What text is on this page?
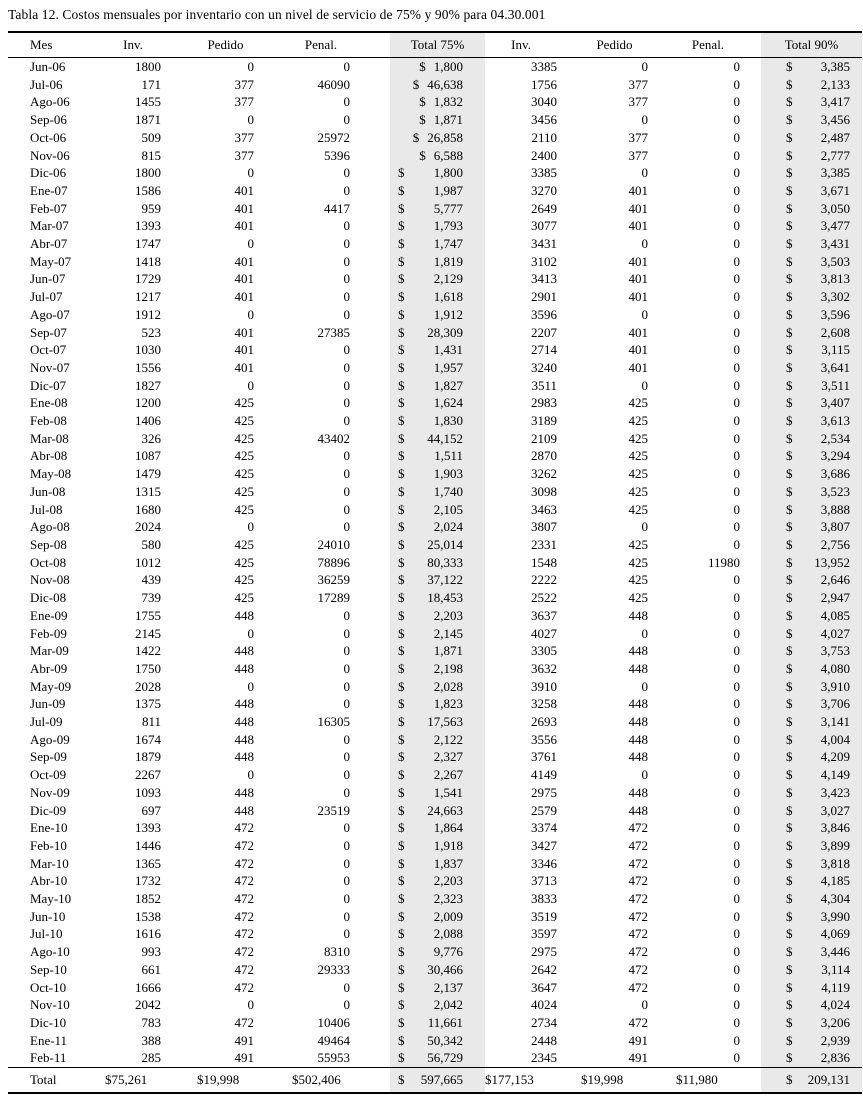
Tabla 12. Costos mensuales por inventario con un nivel de servicio de 75% y 90% para 04.30.001

Mes	Inv.	Pedido	Penal.	Total 75%	Inv.	Pedido	Penal.	Total 90%
Jun-06	1800	0	0	$ 1,800	3385	0	0	$ 3,385

Jul-06	171	377	46090	$ 46,638	1756	377	0	$ 2,133

Ago-06	1455	377	0	$ 1,832	3040	377	0	$ 3,417

Sep-06	1871	0	0	$ 1,871	3456	0	0	$ 3,456

Oct-06	509	377	25972	$ 26,858	2110	377	0	$ 2,487

Nov-06	815	377	5396	$ 6,588	2400	377	0	$ 2,777

Dic-06	1800	0	0	$ 1,800	3385	0	0	$ 3,385

Ene-07	1586	401	0	$ 1,987	3270	401	0	$ 3,671

Feb-07	959	401	4417	$ 5,777	2649	401	0	$ 3,050

Mar-07	1393	401	0	$ 1,793	3077	401	0	$ 3,477

Abr-07	1747	0	0	$ 1,747	3431	0	0	$ 3,431

May-07	1418	401	0	$ 1,819	3102	401	0	$ 3,503

Jun-07	1729	401	0	$ 2,129	3413	401	0	$ 3,813

Jul-07	1217	401	0	$ 1,618	2901	401	0	$ 3,302

Ago-07	1912	0	0	$ 1,912	3596	0	0	$ 3,596

Sep-07	523	401	27385	$ 28,309	2207	401	0	$ 2,608

Oct-07	1030	401	0	$ 1,431	2714	401	0	$ 3,115

Nov-07	1556	401	0	$ 1,957	3240	401	0	$ 3,641

Dic-07	1827	0	0	$ 1,827	3511	0	0	$ 3,511

Ene-08	1200	425	0	$ 1,624	2983	425	0	$ 3,407

Feb-08	1406	425	0	$ 1,830	3189	425	0	$ 3,613

Mar-08	326	425	43402	$ 44,152	2109	425	0	$ 2,534

Abr-08	1087	425	0	$ 1,511	2870	425	0	$ 3,294

May-08	1479	425	0	$ 1,903	3262	425	0	$ 3,686

Jun-08	1315	425	0	$ 1,740	3098	425	0	$ 3,523

Jul-08	1680	425	0	$ 2,105	3463	425	0	$ 3,888

Ago-08	2024	0	0	$ 2,024	3807	0	0	$ 3,807

Sep-08	580	425	24010	$ 25,014	2331	425	0	$ 2,756

Oct-08	1012	425	78896	$ 80,333	1548	425	11980	$ 13,952

Nov-08	439	425	36259	$ 37,122	2222	425	0	$ 2,646

Dic-08	739	425	17289	$ 18,453	2522	425	0	$ 2,947

Ene-09	1755	448	0	$ 2,203	3637	448	0	$ 4,085

Feb-09	2145	0	0	$ 2,145	4027	0	0	$ 4,027

Mar-09	1422	448	0	$ 1,871	3305	448	0	$ 3,753

Abr-09	1750	448	0	$ 2,198	3632	448	0	$ 4,080

May-09	2028	0	0	$ 2,028	3910	0	0	$ 3,910

Jun-09	1375	448	0	$ 1,823	3258	448	0	$ 3,706

Jul-09	811	448	16305	$ 17,563	2693	448	0	$ 3,141

Ago-09	1674	448	0	$ 2,122	3556	448	0	$ 4,004

Sep-09	1879	448	0	$ 2,327	3761	448	0	$ 4,209

Oct-09	2267	0	0	$ 2,267	4149	0	0	$ 4,149

Nov-09	1093	448	0	$ 1,541	2975	448	0	$ 3,423

Dic-09	697	448	23519	$ 24,663	2579	448	0	$ 3,027

Ene-10	1393	472	0	$ 1,864	3374	472	0	$ 3,846

Feb-10	1446	472	0	$ 1,918	3427	472	0	$ 3,899

Mar-10	1365	472	0	$ 1,837	3346	472	0	$ 3,818

Abr-10	1732	472	0	$ 2,203	3713	472	0	$ 4,185

May-10	1852	472	0	$ 2,323	3833	472	0	$ 4,304

Jun-10	1538	472	0	$ 2,009	3519	472	0	$ 3,990

Jul-10	1616	472	0	$ 2,088	3597	472	0	$ 4,069

Ago-10	993	472	8310	$ 9,776	2975	472	0	$ 3,446

Sep-10	661	472	29333	$ 30,466	2642	472	0	$ 3,114

Oct-10	1666	472	0	$ 2,137	3647	472	0	$ 4,119

Nov-10	2042	0	0	$ 2,042	4024	0	0	$ 4,024

Dic-10	783	472	10406	$ 11,661	2734	472	0	$ 3,206

Ene-11	388	491	49464	$ 50,342	2448	491	0	$ 2,939

Feb-11	285	491	55953	$ 56,729	2345	491	0	$ 2,836

Total	$75,261	$19,998	$502,406	$ 597,665	$177,153	$19,998	$11,980	$ 209,131
